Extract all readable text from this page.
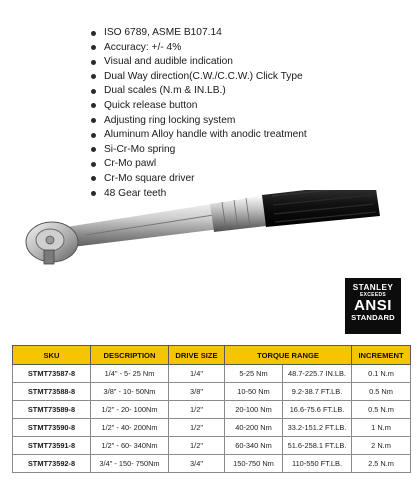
ISO 6789, ASME B107.14
Accuracy: +/- 4%
Visual and audible indication
Dual Way direction(C.W./C.C.W.) Click Type
Dual scales (N.m & IN.LB.)
Quick release button
Adjusting ring locking system
Aluminum Alloy handle with anodic treatment
Si-Cr-Mo spring
Cr-Mo pawl
Cr-Mo square driver
48 Gear teeth
STANLEY
EXCEEDS
ANSI
STANDARD
SKU	DESCRIPTION	DRIVE SIZE	TORQUE RANGE		INCREMENT
STMT73587-8	1/4" - 5- 25 Nm	1/4"	5-25 Nm	48.7-225.7 IN.LB.	0.1 N.m
STMT73588-8	3/8" - 10- 50Nm	3/8"	10-50 Nm	9.2-38.7 FT.LB.	0.5 Nm
STMT73589-8	1/2" - 20- 100Nm	1/2"	20-100 Nm	16.6-75.6 FT.LB.	0.5 N.m
STMT73590-8	1/2" - 40- 200Nm	1/2"	40-200 Nm	33.2-151.2 FT.LB.	1 N.m
STMT73591-8	1/2" - 60- 340Nm	1/2"	60-340 Nm	51.6-258.1 FT.LB.	2 N.m
STMT73592-8	3/4" - 150- 750Nm	3/4"	150-750 Nm	110-550 FT.LB.	2.5 N.m
